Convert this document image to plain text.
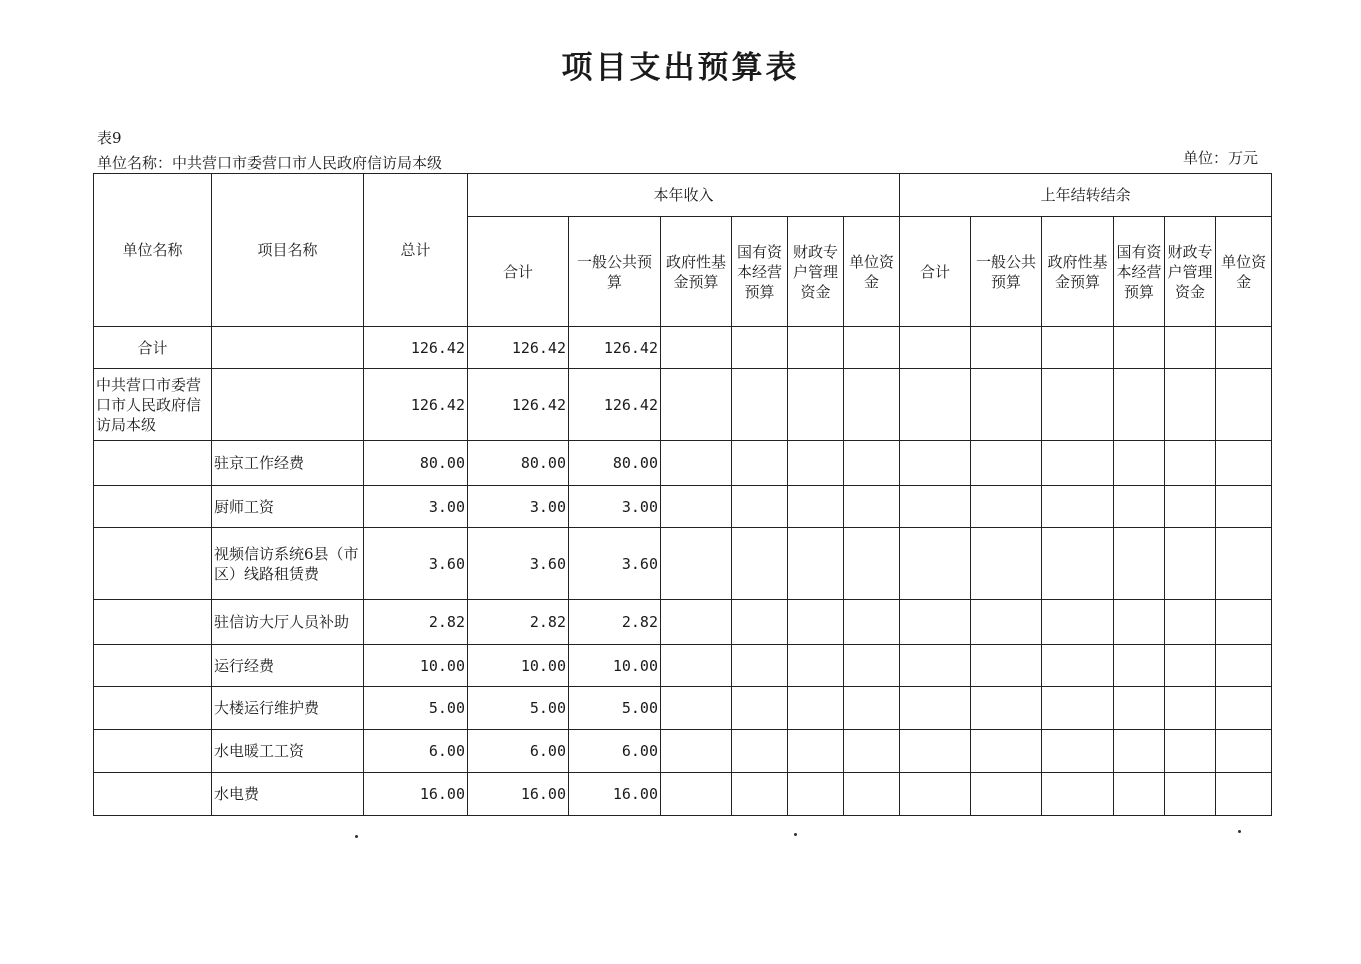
项目支出预算表
表9
单位名称：中共营口市委营口市人民政府信访局本级	单位：万元
单位名称	项目名称	总计	本年收入						上年结转结余					
			合计	一般公共预算	政府性基金预算	国有资本经营预算	财政专户管理资金	单位资金	合计	一般公共预算	政府性基金预算	国有资本经营预算	财政专户管理资金	单位资金
合计		126.42	126.42	126.42										
中共营口市委营口市人民政府信访局本级		126.42	126.42	126.42										
	驻京工作经费	80.00	80.00	80.00										
	厨师工资	3.00	3.00	3.00										
	视频信访系统6县（市区）线路租赁费	3.60	3.60	3.60										
	驻信访大厅人员补助	2.82	2.82	2.82										
	运行经费	10.00	10.00	10.00										
	大楼运行维护费	5.00	5.00	5.00										
	水电暖工工资	6.00	6.00	6.00										
	水电费	16.00	16.00	16.00										
